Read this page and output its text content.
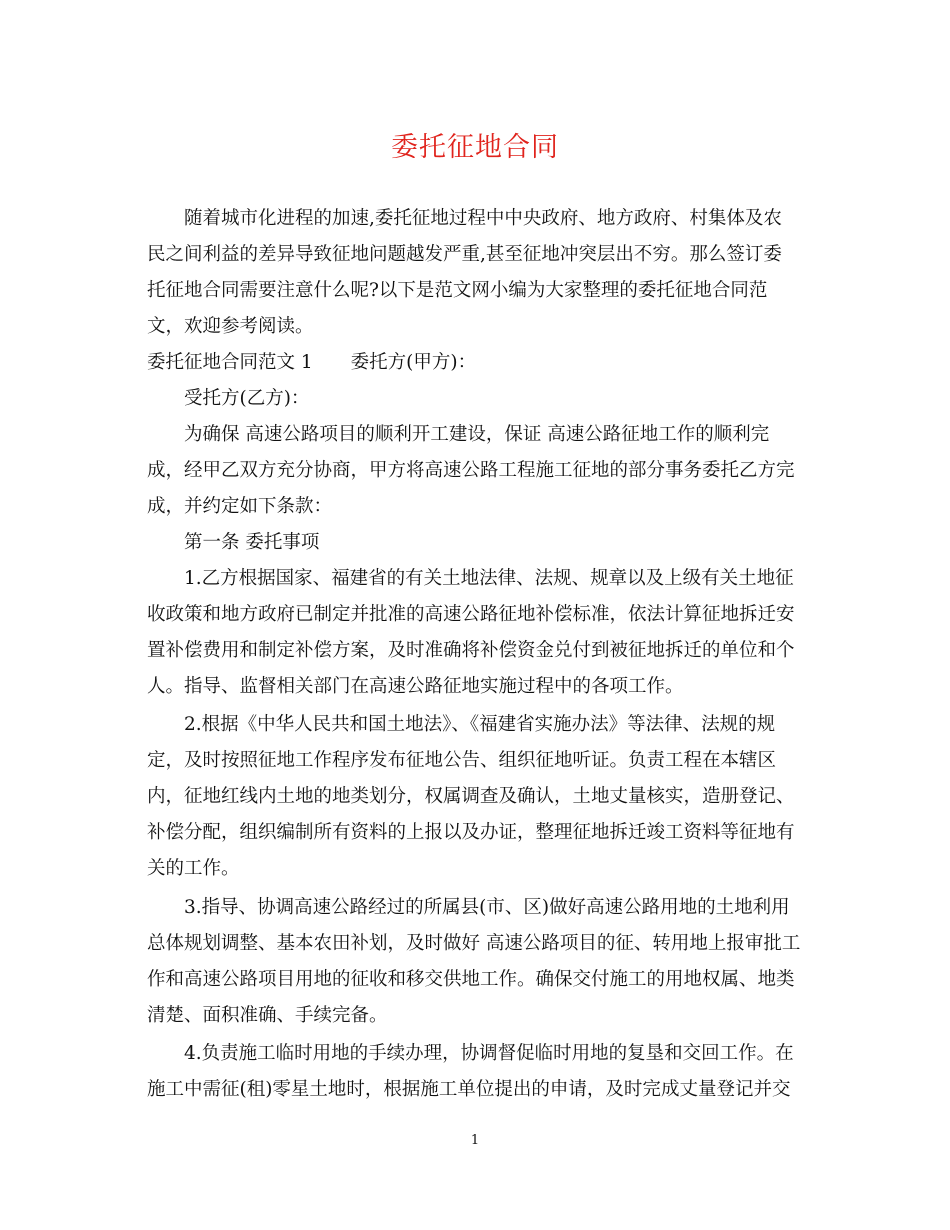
委托征地合同
随着城市化进程的加速,委托征地过程中中央政府、地方政府、村集体及农
民之间利益的差异导致征地问题越发严重,甚至征地冲突层出不穷。那么签订委
托征地合同需要注意什么呢?以下是范文网小编为大家整理的委托征地合同范
文，欢迎参考阅读。
委托征地合同范文 1 委托方(甲方)：
受托方(乙方)：
为确保 高速公路项目的顺利开工建设，保证 高速公路征地工作的顺利完
成，经甲乙双方充分协商，甲方将高速公路工程施工征地的部分事务委托乙方完
成，并约定如下条款：
第一条 委托事项
1.乙方根据国家、福建省的有关土地法律、法规、规章以及上级有关土地征
收政策和地方政府已制定并批准的高速公路征地补偿标准，依法计算征地拆迁安
置补偿费用和制定补偿方案，及时准确将补偿资金兑付到被征地拆迁的单位和个
人。指导、监督相关部门在高速公路征地实施过程中的各项工作。
2.根据《中华人民共和国土地法》、《福建省实施办法》等法律、法规的规
定，及时按照征地工作程序发布征地公告、组织征地听证。负责工程在本辖区
内，征地红线内土地的地类划分，权属调查及确认，土地丈量核实，造册登记、
补偿分配，组织编制所有资料的上报以及办证，整理征地拆迁竣工资料等征地有
关的工作。
3.指导、协调高速公路经过的所属县(市、区)做好高速公路用地的土地利用
总体规划调整、基本农田补划，及时做好 高速公路项目的征、转用地上报审批工
作和高速公路项目用地的征收和移交供地工作。确保交付施工的用地权属、地类
清楚、面积准确、手续完备。
4.负责施工临时用地的手续办理，协调督促临时用地的复垦和交回工作。在
施工中需征(租)零星土地时，根据施工单位提出的申请，及时完成丈量登记并交
1
